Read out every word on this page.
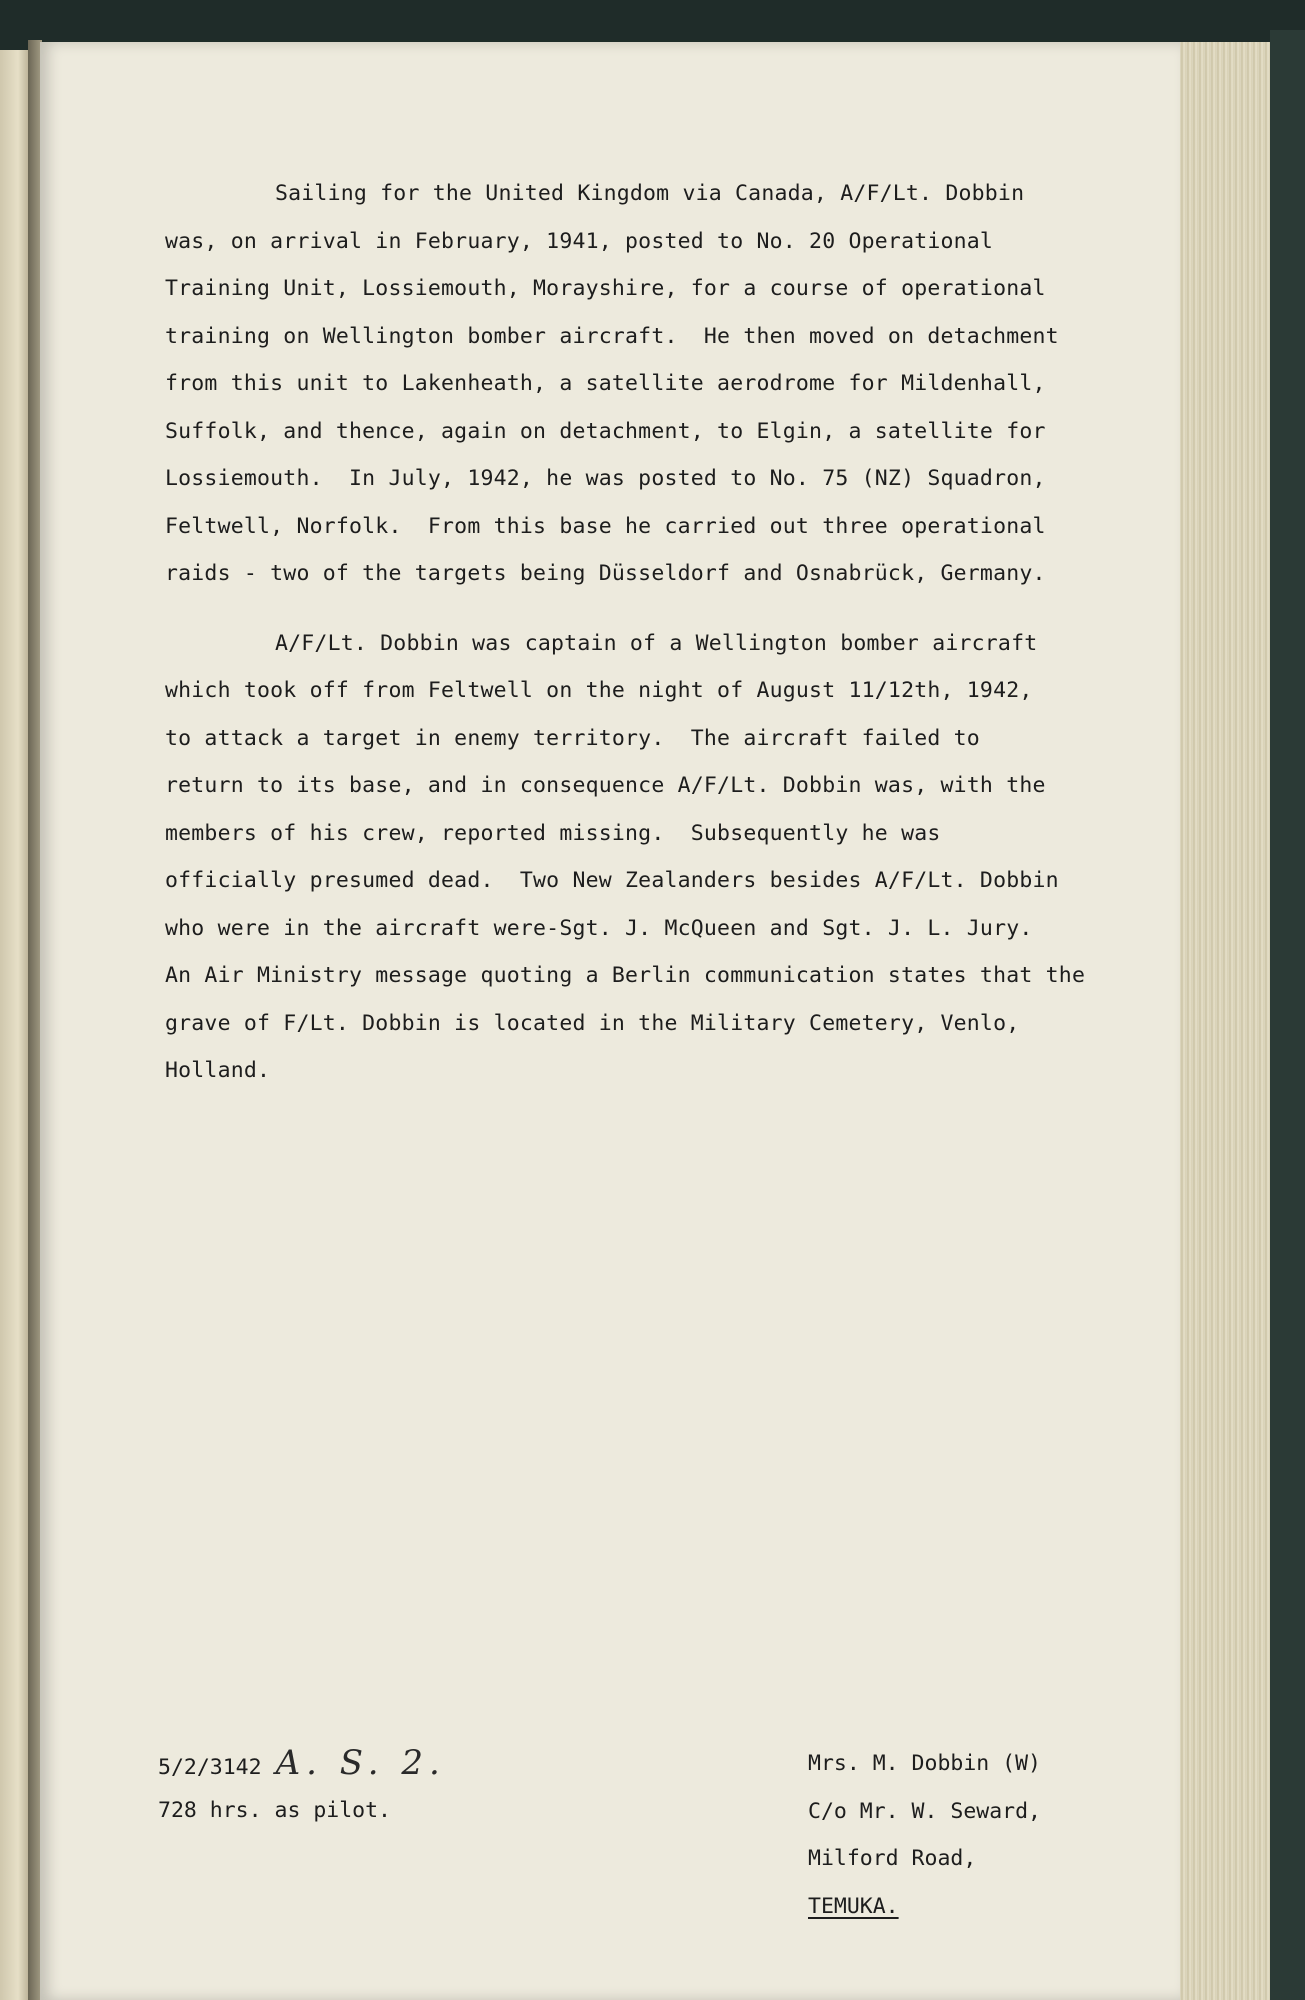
Sailing for the United Kingdom via Canada, A/F/Lt. Dobbin
was, on arrival in February, 1941, posted to No. 20 Operational
Training Unit, Lossiemouth, Morayshire, for a course of operational
training on Wellington bomber aircraft.  He then moved on detachment
from this unit to Lakenheath, a satellite aerodrome for Mildenhall,
Suffolk, and thence, again on detachment, to Elgin, a satellite for
Lossiemouth.  In July, 1942, he was posted to No. 75 (NZ) Squadron,
Feltwell, Norfolk.  From this base he carried out three operational
raids - two of the targets being Düsseldorf and Osnabrück, Germany.
A/F/Lt. Dobbin was captain of a Wellington bomber aircraft
which took off from Feltwell on the night of August 11/12th, 1942,
to attack a target in enemy territory.  The aircraft failed to
return to its base, and in consequence A/F/Lt. Dobbin was, with the
members of his crew, reported missing.  Subsequently he was
officially presumed dead.  Two New Zealanders besides A/F/Lt. Dobbin
who were in the aircraft were-Sgt. J. McQueen and Sgt. J. L. Jury.
An Air Ministry message quoting a Berlin communication states that the
grave of F/Lt. Dobbin is located in the Military Cemetery, Venlo,
Holland.
5/2/3142 A. S. 2.
728 hrs. as pilot.
Mrs. M. Dobbin (W)
C/o Mr. W. Seward,
Milford Road,
TEMUKA.
